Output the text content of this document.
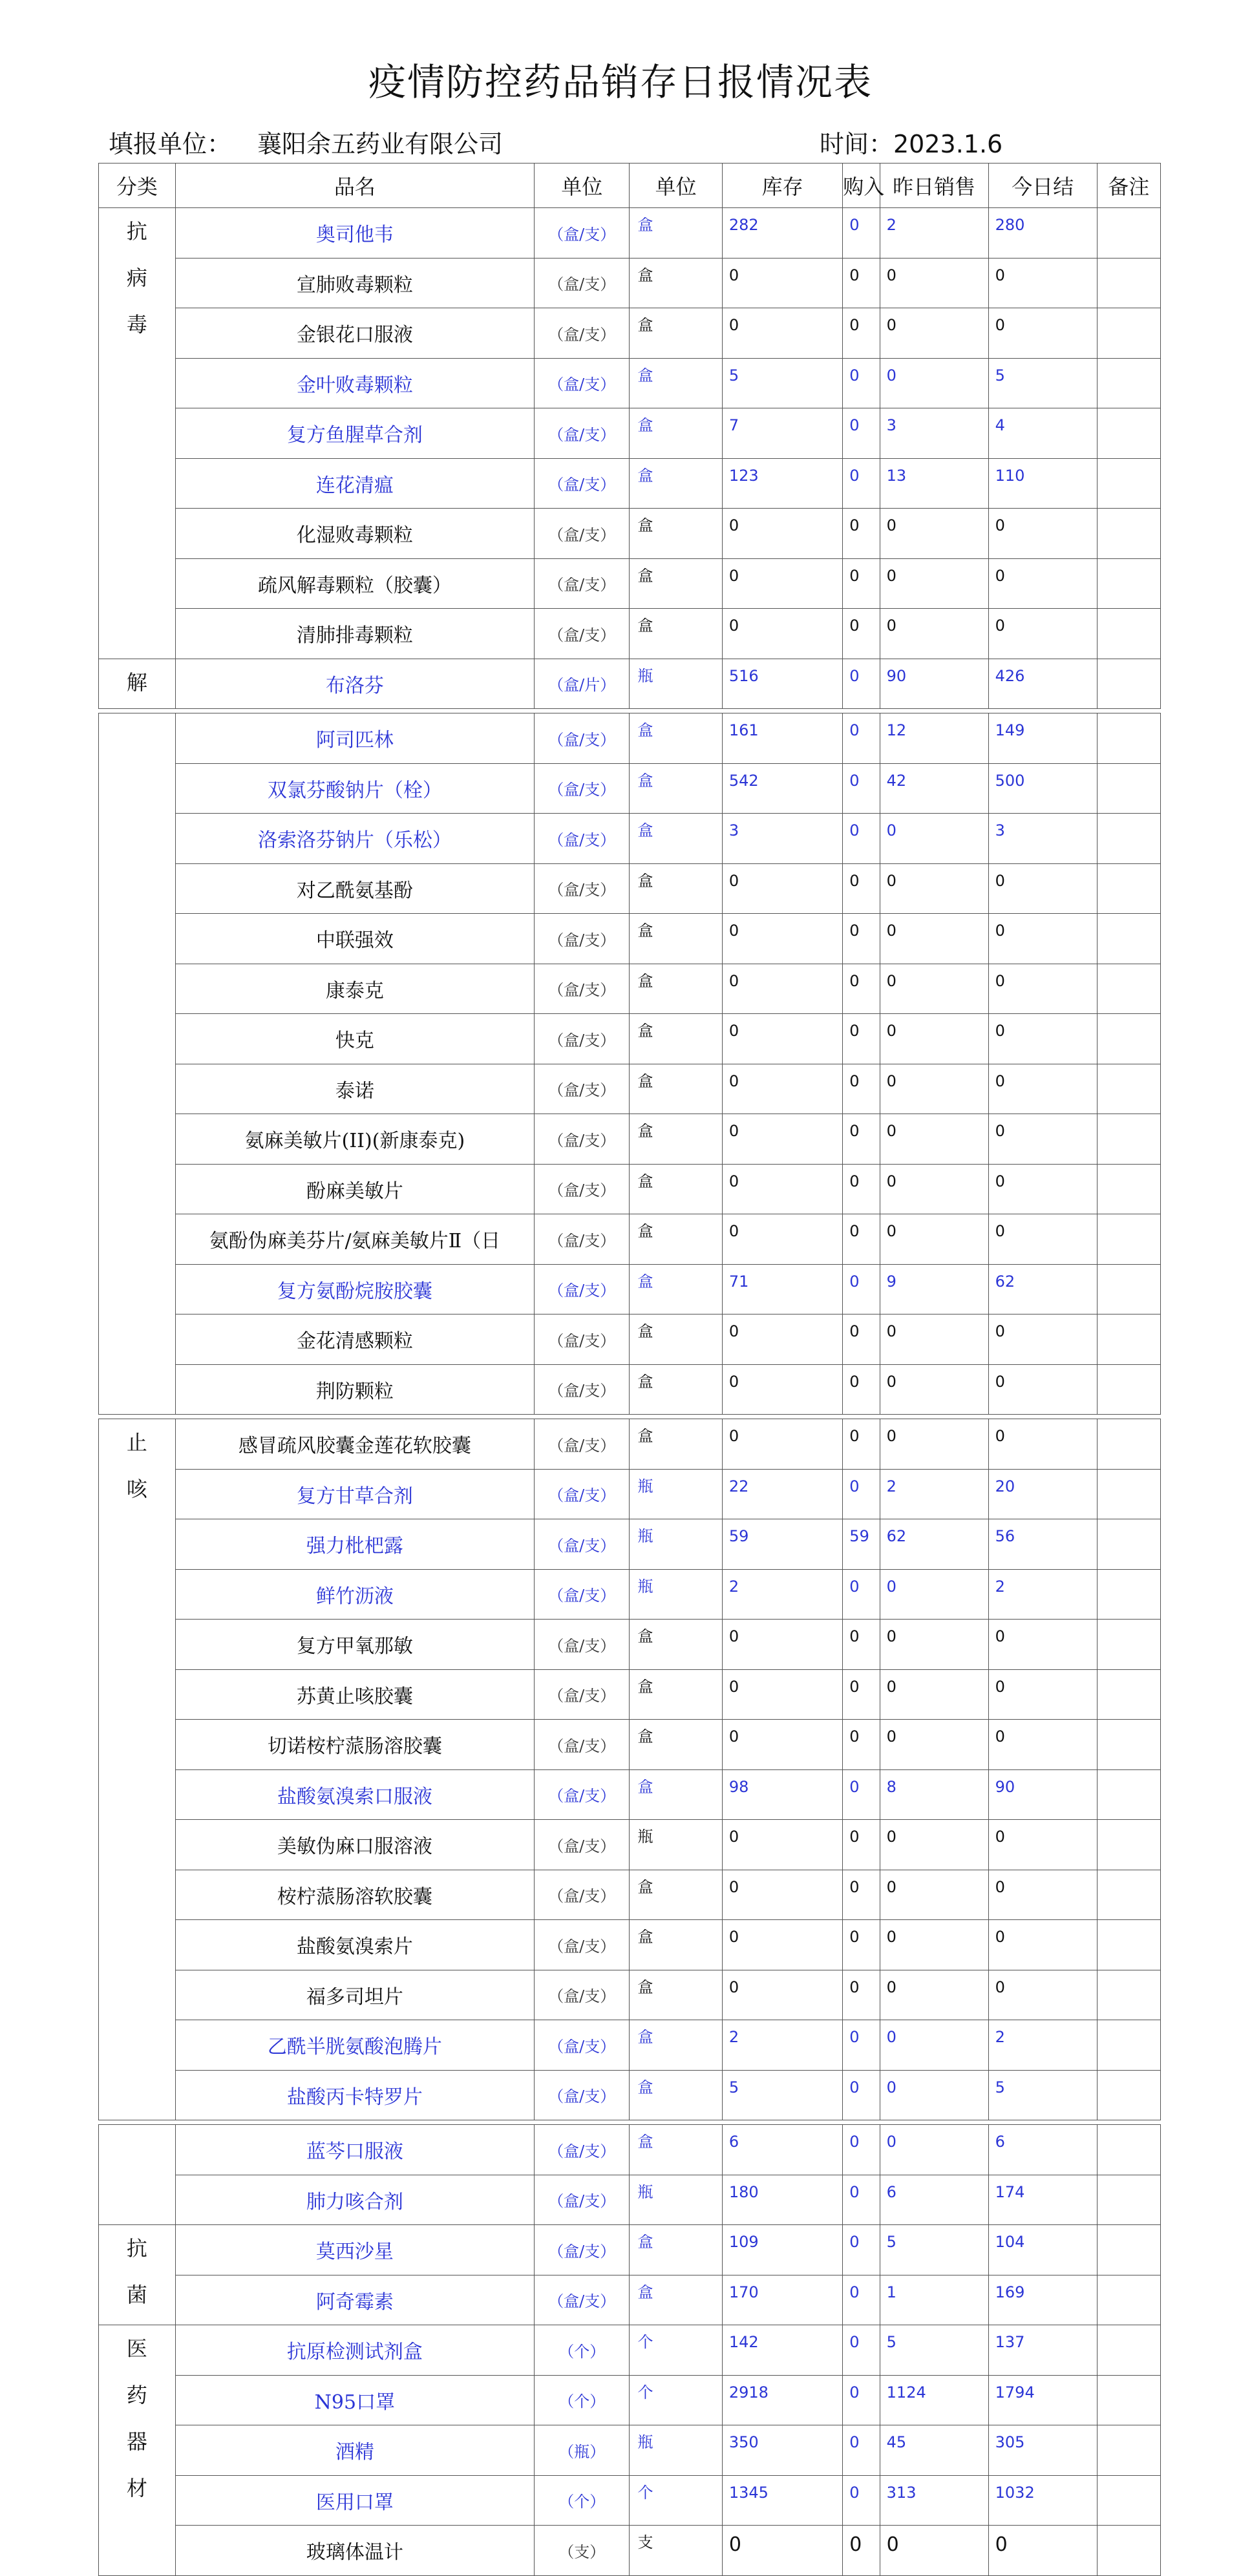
疫情防控药品销存日报情况表
填报单位： 襄阳余五药业有限公司	时间：2023.1.6
分类	品名	单位	单位	库存	购入	昨日销售	今日结	备注

抗
病
毒	奥司他韦	（盒/支）	盒	282	0	2	280	
	宣肺败毒颗粒	（盒/支）	盒	0	0	0	0	
	金银花口服液	（盒/支）	盒	0	0	0	0	
	金叶败毒颗粒	（盒/支）	盒	5	0	0	5	
	复方鱼腥草合剂	（盒/支）	盒	7	0	3	4	
	连花清瘟	（盒/支）	盒	123	0	13	110	
	化湿败毒颗粒	（盒/支）	盒	0	0	0	0	
	疏风解毒颗粒（胶囊）	（盒/支）	盒	0	0	0	0	
	清肺排毒颗粒	（盒/支）	盒	0	0	0	0	

解	布洛芬	（盒/片）	瓶	516	0	90	426	

	阿司匹林	（盒/支）	盒	161	0	12	149	
	双氯芬酸钠片（栓）	（盒/支）	盒	542	0	42	500	
	洛索洛芬钠片（乐松）	（盒/支）	盒	3	0	0	3	
	对乙酰氨基酚	（盒/支）	盒	0	0	0	0	
	中联强效	（盒/支）	盒	0	0	0	0	
	康泰克	（盒/支）	盒	0	0	0	0	
	快克	（盒/支）	盒	0	0	0	0	
	泰诺	（盒/支）	盒	0	0	0	0	
	氨麻美敏片(II)(新康泰克)	（盒/支）	盒	0	0	0	0	
	酚麻美敏片	（盒/支）	盒	0	0	0	0	
	氨酚伪麻美芬片/氨麻美敏片Ⅱ（日	（盒/支）	盒	0	0	0	0	
	复方氨酚烷胺胶囊	（盒/支）	盒	71	0	9	62	
	金花清感颗粒	（盒/支）	盒	0	0	0	0	
	荆防颗粒	（盒/支）	盒	0	0	0	0	

止
咳	感冒疏风胶囊金莲花软胶囊	（盒/支）	盒	0	0	0	0	
	复方甘草合剂	（盒/支）	瓶	22	0	2	20	
	强力枇杷露	（盒/支）	瓶	59	59	62	56	
	鲜竹沥液	（盒/支）	瓶	2	0	0	2	
	复方甲氧那敏	（盒/支）	盒	0	0	0	0	
	苏黄止咳胶囊	（盒/支）	盒	0	0	0	0	
	切诺桉柠蒎肠溶胶囊	（盒/支）	盒	0	0	0	0	
	盐酸氨溴索口服液	（盒/支）	盒	98	0	8	90	
	美敏伪麻口服溶液	（盒/支）	瓶	0	0	0	0	
	桉柠蒎肠溶软胶囊	（盒/支）	盒	0	0	0	0	
	盐酸氨溴索片	（盒/支）	盒	0	0	0	0	
	福多司坦片	（盒/支）	盒	0	0	0	0	
	乙酰半胱氨酸泡腾片	（盒/支）	盒	2	0	0	2	
	盐酸丙卡特罗片	（盒/支）	盒	5	0	0	5	

	蓝芩口服液	（盒/支）	盒	6	0	0	6	
	肺力咳合剂	（盒/支）	瓶	180	0	6	174	

抗
菌	莫西沙星	（盒/支）	盒	109	0	5	104	
	阿奇霉素	（盒/支）	盒	170	0	1	169	

医
药
器
材	抗原检测试剂盒	（个）	个	142	0	5	137	
	N95口罩	（个）	个	2918	0	1124	1794	
	酒精	（瓶）	瓶	350	0	45	305	
	医用口罩	（个）	个	1345	0	313	1032	
	玻璃体温计	（支）	支	0	0	0	0	
